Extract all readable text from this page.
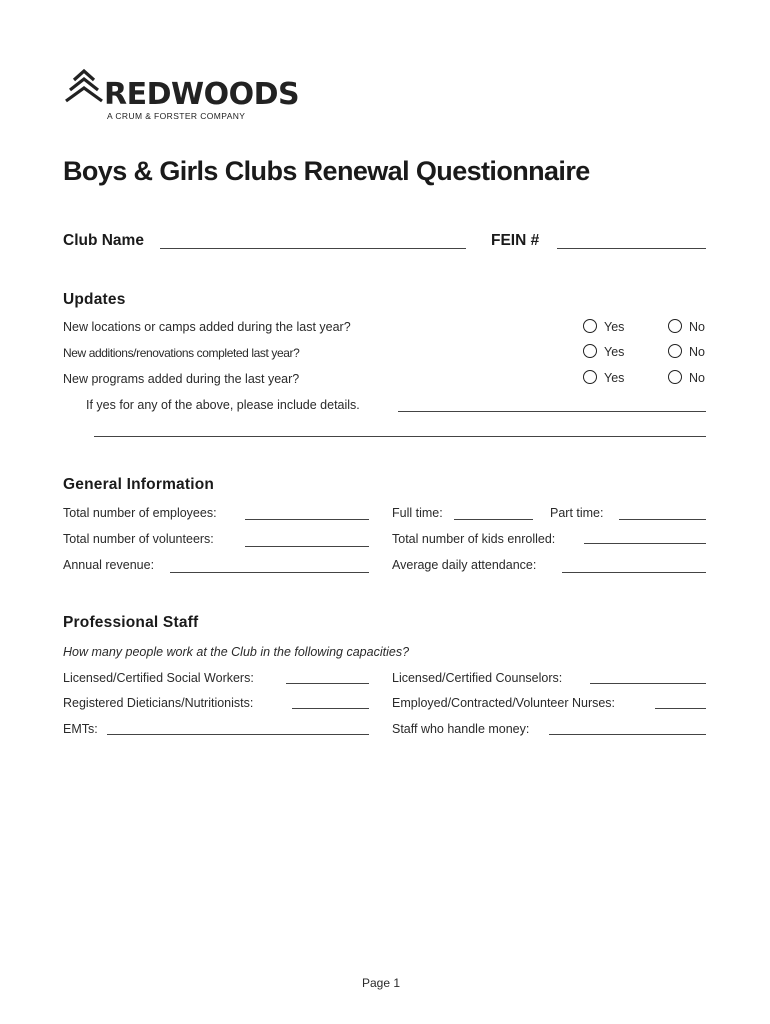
REDWOODS
A CRUM & FORSTER COMPANY
Boys & Girls Clubs Renewal Questionnaire
Club Name	FEIN #
Updates
New locations or camps added during the last year?	Yes	No
New additions/renovations completed last year?	Yes	No
New programs added during the last year?	Yes	No
If yes for any of the above, please include details.
General Information
Total number of employees:	Full time:	Part time:
Total number of volunteers:	Total number of kids enrolled:
Annual revenue:	Average daily attendance:
Professional Staff
How many people work at the Club in the following capacities?
Licensed/Certified Social Workers:	Licensed/Certified Counselors:
Registered Dieticians/Nutritionists:	Employed/Contracted/Volunteer Nurses:
EMTs:	Staff who handle money:
Page 1
